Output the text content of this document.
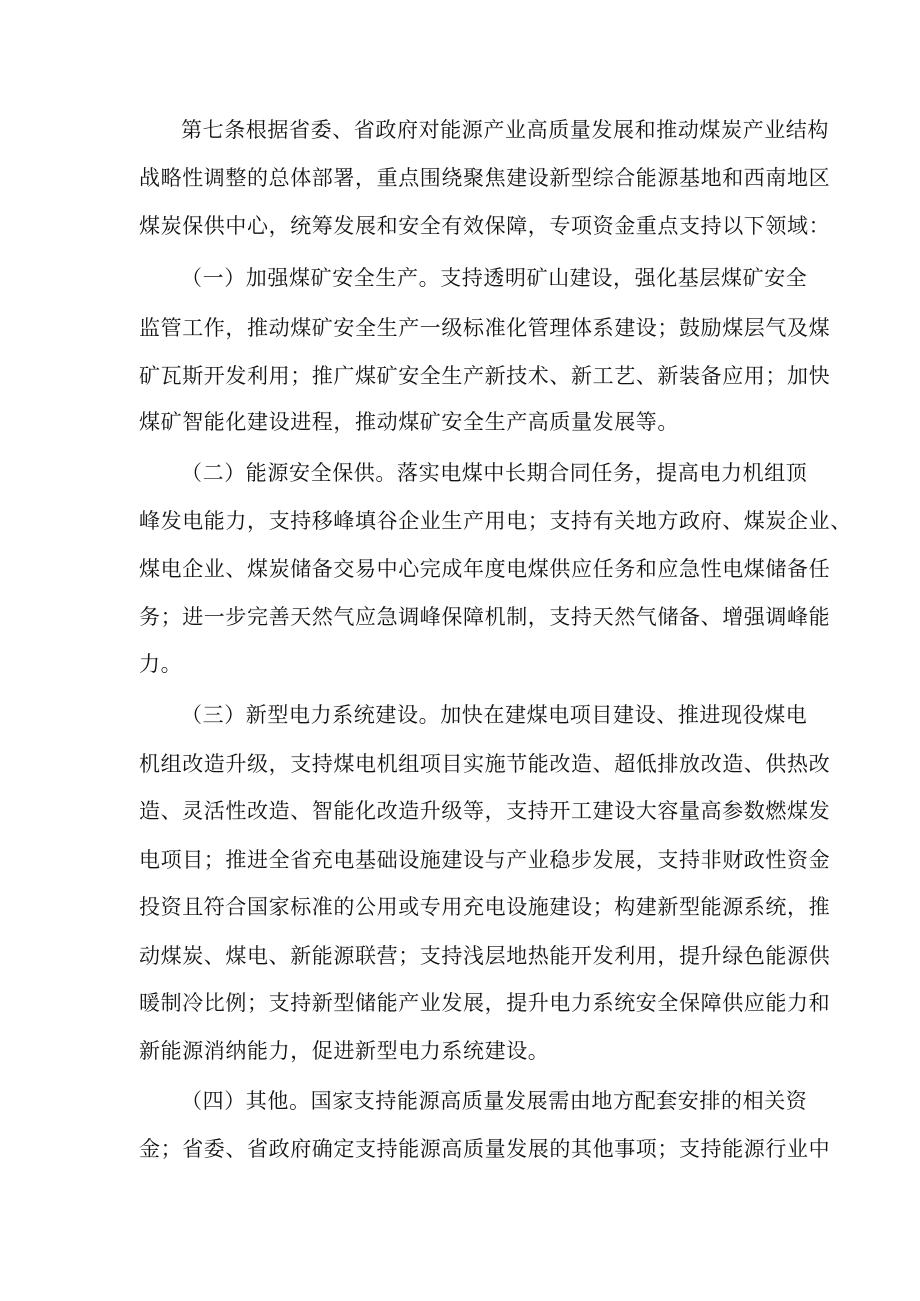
第七条根据省委、省政府对能源产业高质量发展和推动煤炭产业结构
战略性调整的总体部署，重点围绕聚焦建设新型综合能源基地和西南地区
煤炭保供中心，统筹发展和安全有效保障，专项资金重点支持以下领域：
（一）加强煤矿安全生产。支持透明矿山建设，强化基层煤矿安全
监管工作，推动煤矿安全生产一级标准化管理体系建设；鼓励煤层气及煤
矿瓦斯开发利用；推广煤矿安全生产新技术、新工艺、新装备应用；加快
煤矿智能化建设进程，推动煤矿安全生产高质量发展等。
（二）能源安全保供。落实电煤中长期合同任务，提高电力机组顶
峰发电能力，支持移峰填谷企业生产用电；支持有关地方政府、煤炭企业、
煤电企业、煤炭储备交易中心完成年度电煤供应任务和应急性电煤储备任
务；进一步完善天然气应急调峰保障机制，支持天然气储备、增强调峰能
力。
（三）新型电力系统建设。加快在建煤电项目建设、推进现役煤电
机组改造升级，支持煤电机组项目实施节能改造、超低排放改造、供热改
造、灵活性改造、智能化改造升级等，支持开工建设大容量高参数燃煤发
电项目；推进全省充电基础设施建设与产业稳步发展，支持非财政性资金
投资且符合国家标准的公用或专用充电设施建设；构建新型能源系统，推
动煤炭、煤电、新能源联营；支持浅层地热能开发利用，提升绿色能源供
暖制冷比例；支持新型储能产业发展，提升电力系统安全保障供应能力和
新能源消纳能力，促进新型电力系统建设。
（四）其他。国家支持能源高质量发展需由地方配套安排的相关资
金；省委、省政府确定支持能源高质量发展的其他事项；支持能源行业中
